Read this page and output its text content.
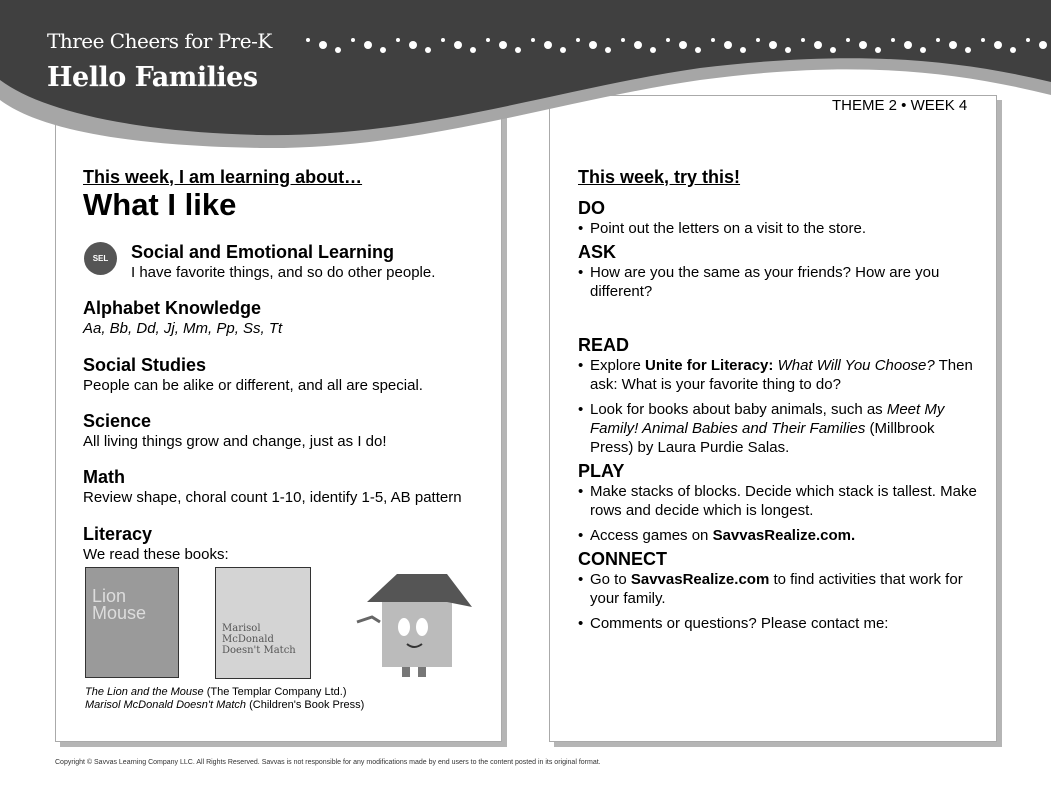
Three Cheers for Pre-K
Hello Families
THEME 2 • WEEK 4
This week, I am learning about…
What I like
SEL	Social and Emotional Learning
I have favorite things, and so do other people.
Alphabet Knowledge
Aa, Bb, Dd, Jj, Mm, Pp, Ss, Tt
Social Studies
People can be alike or different, and all are special.
Science
All living things grow and change, just as I do!
Math
Review shape, choral count 1-10, identify 1-5, AB pattern
Literacy
We read these books:
Lion Mouse
Marisol McDonald Doesn't Match
The Lion and the Mouse (The Templar Company Ltd.)
Marisol McDonald Doesn't Match (Children's Book Press)
This week, try this!
DO
• Point out the letters on a visit to the store.
ASK
• How are you the same as your friends? How are you different?
READ
• Explore Unite for Literacy: What Will You Choose? Then ask: What is your favorite thing to do?
• Look for books about baby animals, such as Meet My Family! Animal Babies and Their Families (Millbrook Press) by Laura Purdie Salas.
PLAY
• Make stacks of blocks. Decide which stack is tallest. Make rows and decide which is longest.
• Access games on SavvasRealize.com.
CONNECT
• Go to SavvasRealize.com to find activities that work for your family.
• Comments or questions? Please contact me:
Copyright © Savvas Learning Company LLC. All Rights Reserved. Savvas is not responsible for any modifications made by end users to the content posted in its original format.
